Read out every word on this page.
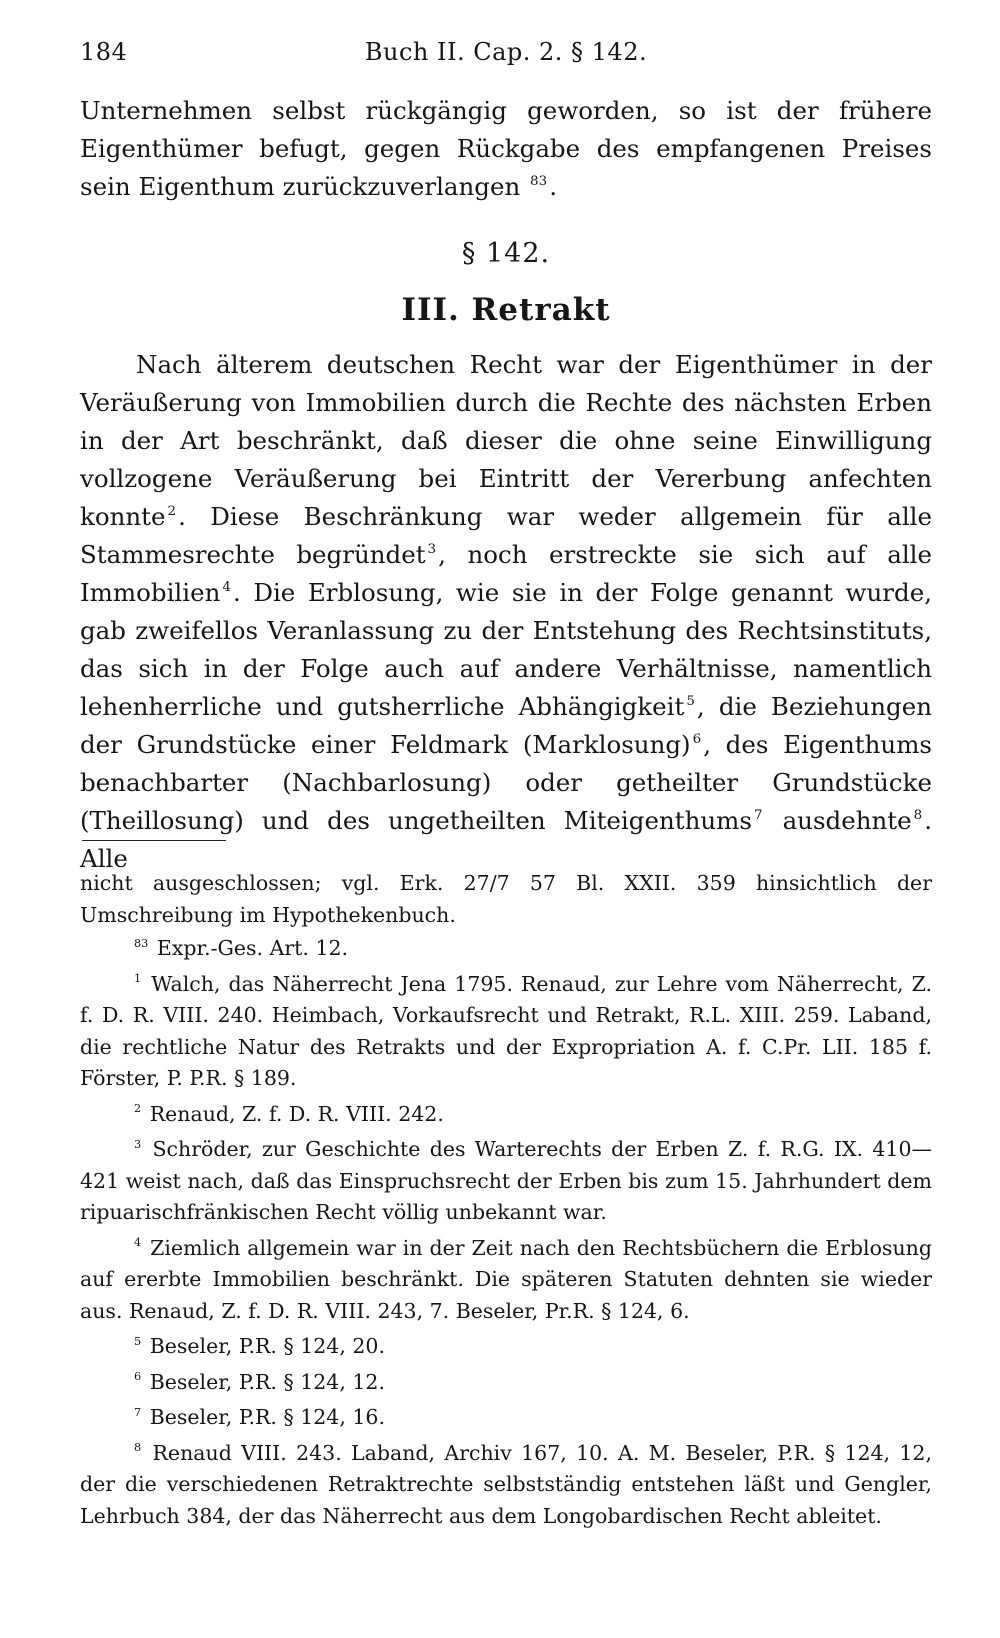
184	Buch II. Cap. 2. § 142.

Unternehmen selbst rückgängig geworden, so ist der frühere Eigenthümer befugt, gegen Rückgabe des empfangenen Preises sein Eigenthum zurückzuverlangen $^{83}$.

§ 142.
III. Retrakt

Nach älterem deutschen Recht war der Eigenthümer in der Veräußerung von Immobilien durch die Rechte des nächsten Erben in der Art beschränkt, daß dieser die ohne seine Einwilligung vollzogene Veräußerung bei Eintritt der Vererbung anfechten konnte $^2$. Diese Beschränkung war weder allgemein für alle Stammesrechte begründet $^3$, noch erstreckte sie sich auf alle Immobilien $^4$. Die Erblosung, wie sie in der Folge genannt wurde, gab zweifellos Veranlassung zu der Entstehung des Rechtsinstituts, das sich in der Folge auch auf andere Verhältnisse, namentlich lehenherrliche und gutsherrliche Abhängigkeit $^5$, die Beziehungen der Grundstücke einer Feldmark (Marklosung) $^6$, des Eigenthums benachbarter (Nachbarlosung) oder getheilter Grundstücke (Theillosung) und des ungetheilten Miteigenthums $^7$ ausdehnte $^8$. Alle

nicht ausgeschlossen; vgl. Erk. 27/7 57 Bl. XXII. 359 hinsichtlich der Umschreibung im Hypothekenbuch.

$^{83}$ Expr.-Ges. Art. 12.

$^1$ Walch, das Näherrecht Jena 1795. Renaud, zur Lehre vom Näherrecht, Z. f. D. R. VIII. 240. Heimbach, Vorkaufsrecht und Retrakt, R.L. XIII. 259. Laband, die rechtliche Natur des Retrakts und der Expropriation A. f. C.Pr. LII. 185 f. Förster, P. P.R. § 189.

$^2$ Renaud, Z. f. D. R. VIII. 242.

$^3$ Schröder, zur Geschichte des Warterechts der Erben Z. f. R.G. IX. 410—421 weist nach, daß das Einspruchsrecht der Erben bis zum 15. Jahrhundert dem ripuarischfränkischen Recht völlig unbekannt war.

$^4$ Ziemlich allgemein war in der Zeit nach den Rechtsbüchern die Erblosung auf ererbte Immobilien beschränkt. Die späteren Statuten dehnten sie wieder aus. Renaud, Z. f. D. R. VIII. 243, 7. Beseler, Pr.R. § 124, 6.

$^5$ Beseler, P.R. § 124, 20.

$^6$ Beseler, P.R. § 124, 12.

$^7$ Beseler, P.R. § 124, 16.

$^8$ Renaud VIII. 243. Laband, Archiv 167, 10. A. M. Beseler, P.R. § 124, 12, der die verschiedenen Retraktrechte selbstständig entstehen läßt und Gengler, Lehrbuch 384, der das Näherrecht aus dem Longobardischen Recht ableitet.
